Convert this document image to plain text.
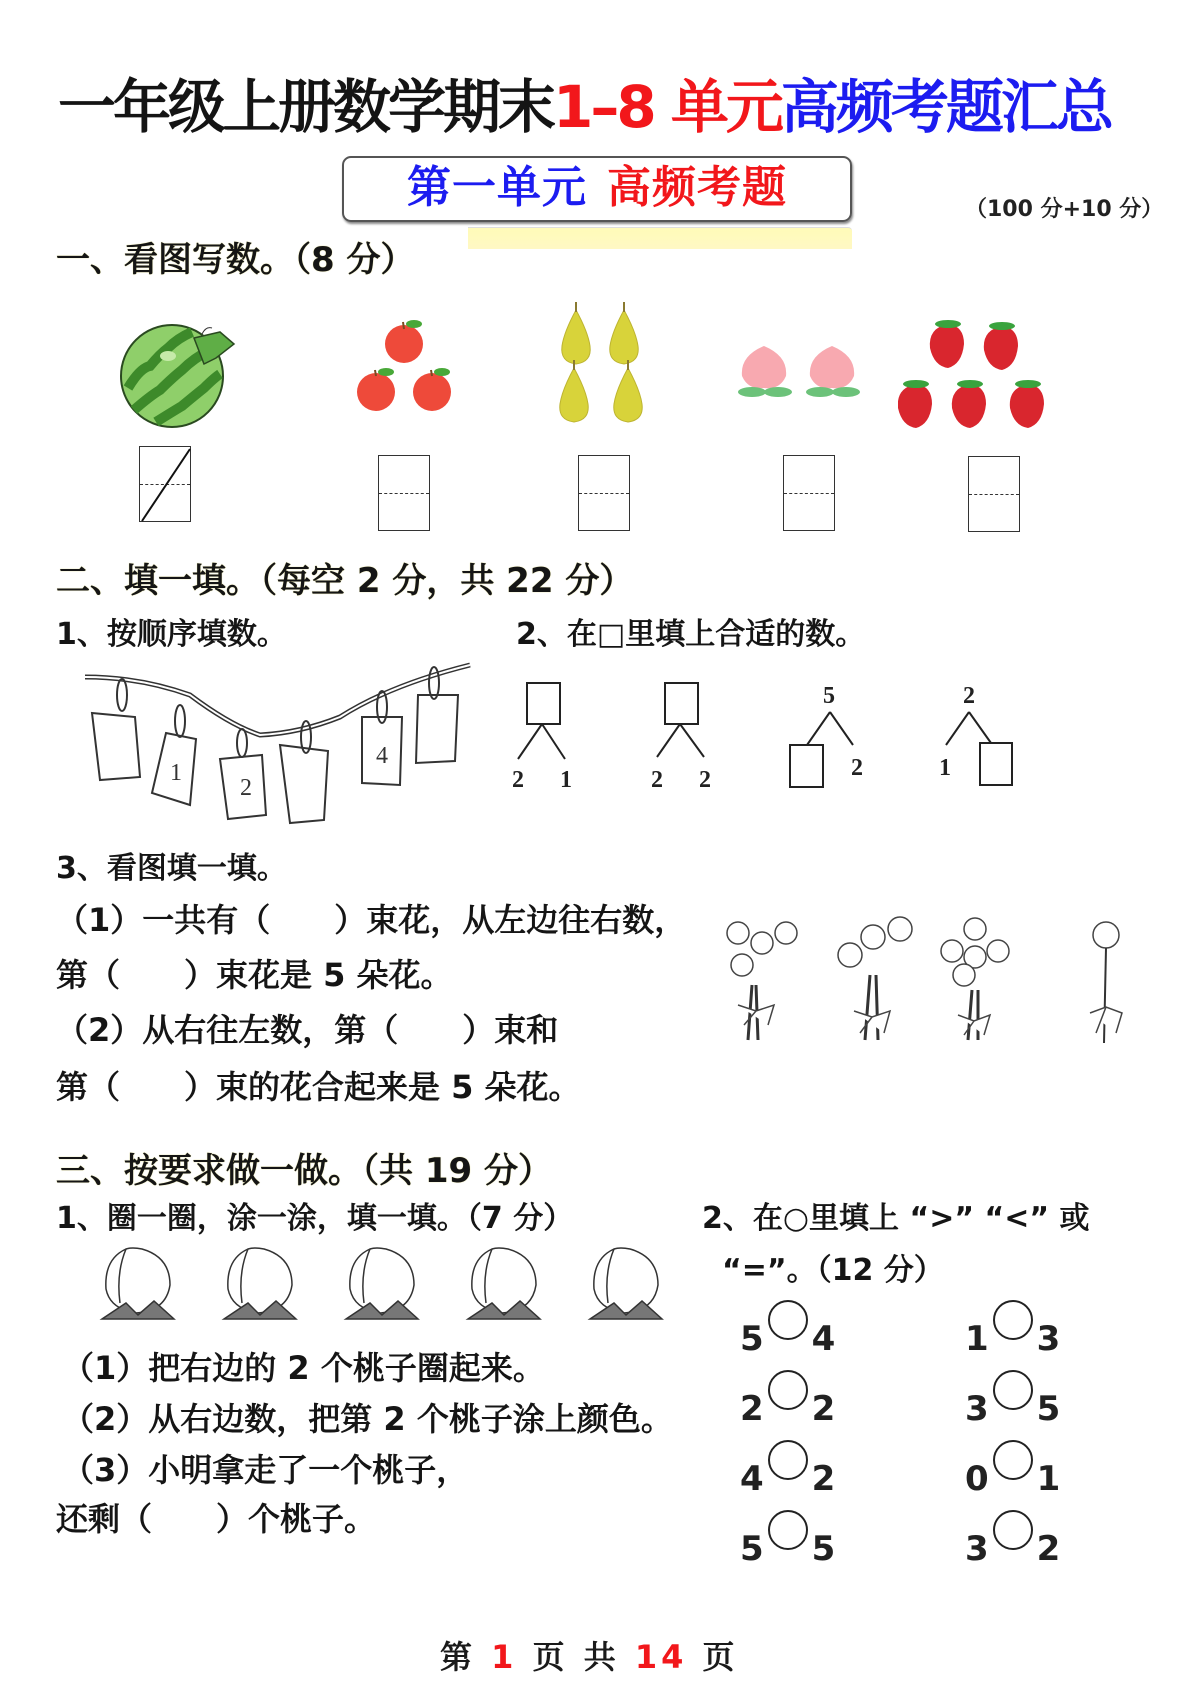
一年级上册数学期末1–8 单元高频考题汇总
第一单元 高频考题	（100 分+10 分）
一、看图写数。（8 分）
二、填一填。（每空 2 分，共 22 分）
1、按顺序填数。	2、在□里填上合适的数。
1
2
4
2 1	2 2
5
2
2
1
3、看图填一填。
（1）一共有（　　）束花，从左边往右数，
第（　　）束花是 5 朵花。
（2）从右往左数，第（　　）束和
第（　　）束的花合起来是 5 朵花。
三、按要求做一做。（共 19 分）
1、圈一圈，涂一涂，填一填。（7 分）
（1）把右边的 2 个桃子圈起来。
（2）从右边数，把第 2 个桃子涂上颜色。
（3）小明拿走了一个桃子，
还剩（　　）个桃子。
2、在○里填上 “>” “<” 或
“=”。（12 分）
5 4	1 3
2 2	3 5
4 2	0 1
5 5	3 2
第 1 页 共 14 页
